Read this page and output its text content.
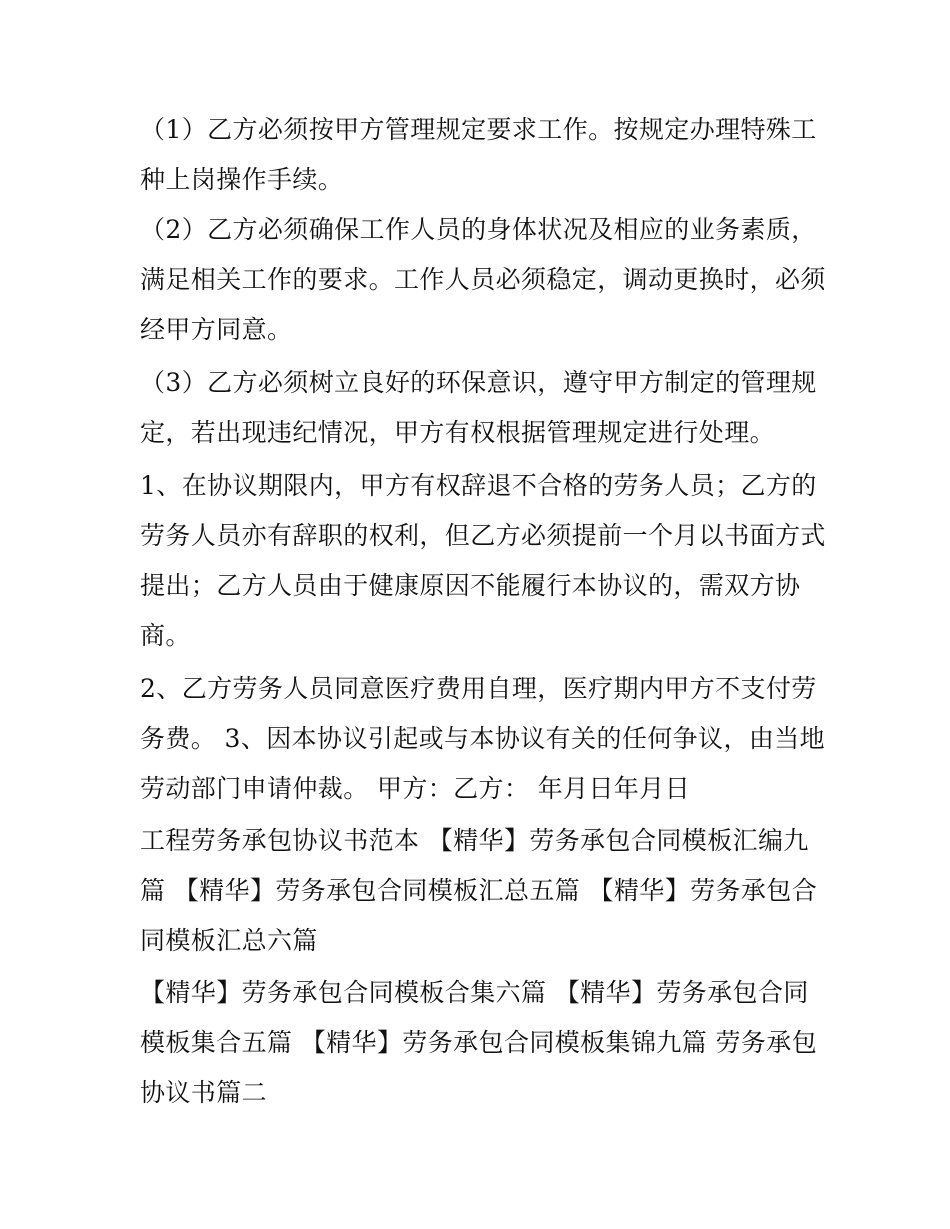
（1）乙方必须按甲方管理规定要求工作。按规定办理特殊工

种上岗操作手续。

（2）乙方必须确保工作人员的身体状况及相应的业务素质，

满足相关工作的要求。工作人员必须稳定，调动更换时，必须

经甲方同意。

（3）乙方必须树立良好的环保意识，遵守甲方制定的管理规

定，若出现违纪情况，甲方有权根据管理规定进行处理。

1、在协议期限内，甲方有权辞退不合格的劳务人员；乙方的

劳务人员亦有辞职的权利，但乙方必须提前一个月以书面方式

提出；乙方人员由于健康原因不能履行本协议的，需双方协

商。

2、乙方劳务人员同意医疗费用自理，医疗期内甲方不支付劳

务费。 3、因本协议引起或与本协议有关的任何争议，由当地

劳动部门申请仲裁。 甲方：乙方： 年月日年月日

工程劳务承包协议书范本 【精华】劳务承包合同模板汇编九

篇 【精华】劳务承包合同模板汇总五篇 【精华】劳务承包合

同模板汇总六篇

【精华】劳务承包合同模板合集六篇 【精华】劳务承包合同

模板集合五篇 【精华】劳务承包合同模板集锦九篇 劳务承包

协议书篇二
